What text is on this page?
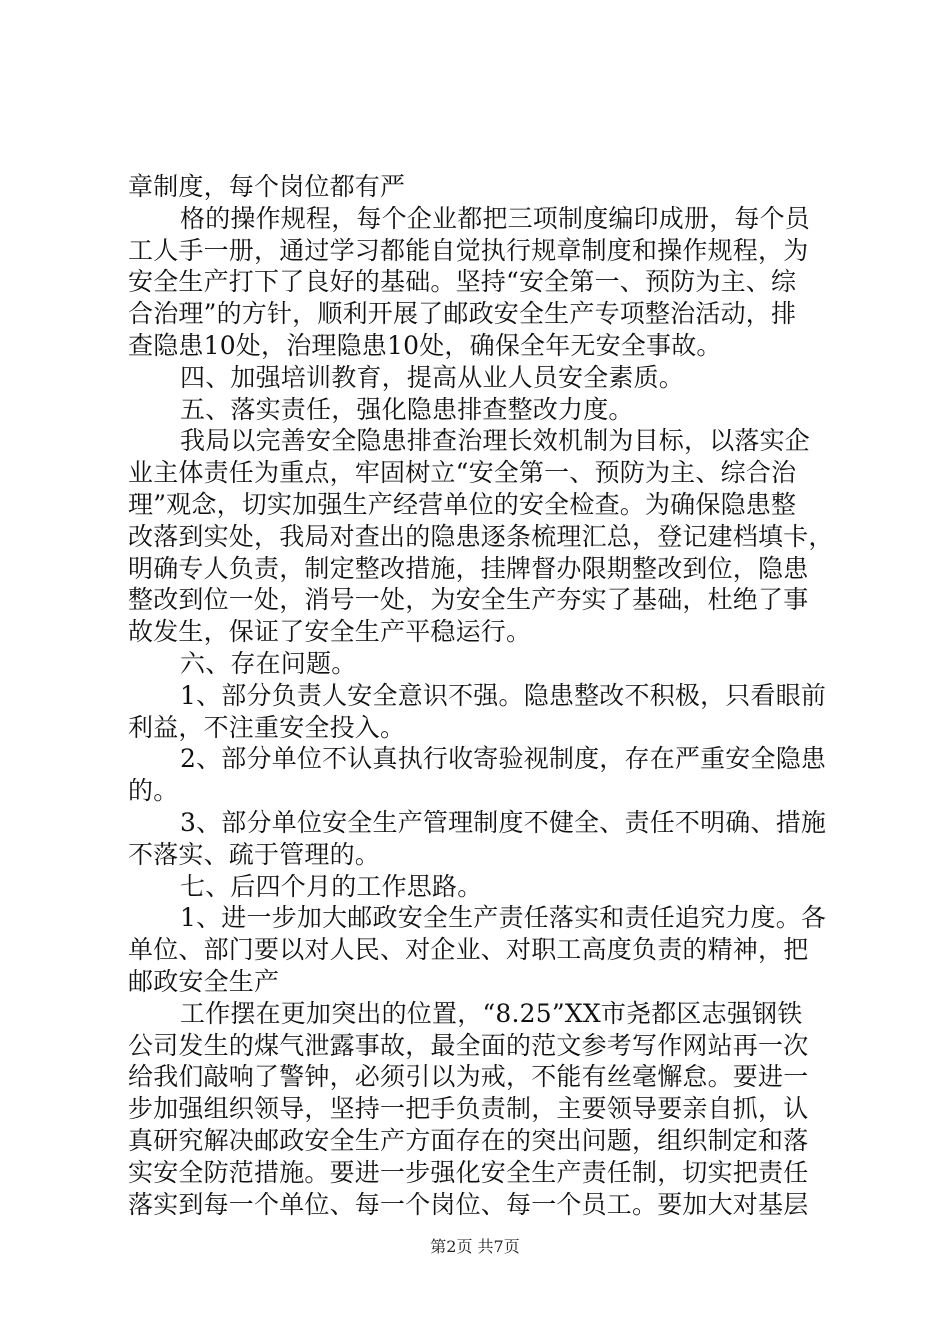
章制度，每个岗位都有严
格的操作规程，每个企业都把三项制度编印成册，每个员
工人手一册，通过学习都能自觉执行规章制度和操作规程，为
安全生产打下了良好的基础。坚持“安全第一、预防为主、综
合治理”的方针，顺利开展了邮政安全生产专项整治活动，排
查隐患10处，治理隐患10处，确保全年无安全事故。
四、加强培训教育，提高从业人员安全素质。
五、落实责任，强化隐患排查整改力度。
我局以完善安全隐患排查治理长效机制为目标，以落实企
业主体责任为重点，牢固树立“安全第一、预防为主、综合治
理”观念，切实加强生产经营单位的安全检查。为确保隐患整
改落到实处，我局对查出的隐患逐条梳理汇总，登记建档填卡，
明确专人负责，制定整改措施，挂牌督办限期整改到位，隐患
整改到位一处，消号一处，为安全生产夯实了基础，杜绝了事
故发生，保证了安全生产平稳运行。
六、存在问题。
1、部分负责人安全意识不强。隐患整改不积极，只看眼前
利益，不注重安全投入。
2、部分单位不认真执行收寄验视制度，存在严重安全隐患
的。
3、部分单位安全生产管理制度不健全、责任不明确、措施
不落实、疏于管理的。
七、后四个月的工作思路。
1、进一步加大邮政安全生产责任落实和责任追究力度。各
单位、部门要以对人民、对企业、对职工高度负责的精神，把
邮政安全生产
工作摆在更加突出的位置，“8.25”XX市尧都区志强钢铁
公司发生的煤气泄露事故，最全面的范文参考写作网站再一次
给我们敲响了警钟，必须引以为戒，不能有丝毫懈怠。要进一
步加强组织领导，坚持一把手负责制，主要领导要亲自抓，认
真研究解决邮政安全生产方面存在的突出问题，组织制定和落
实安全防范措施。要进一步强化安全生产责任制，切实把责任
落实到每一个单位、每一个岗位、每一个员工。要加大对基层
第2页 共7页
